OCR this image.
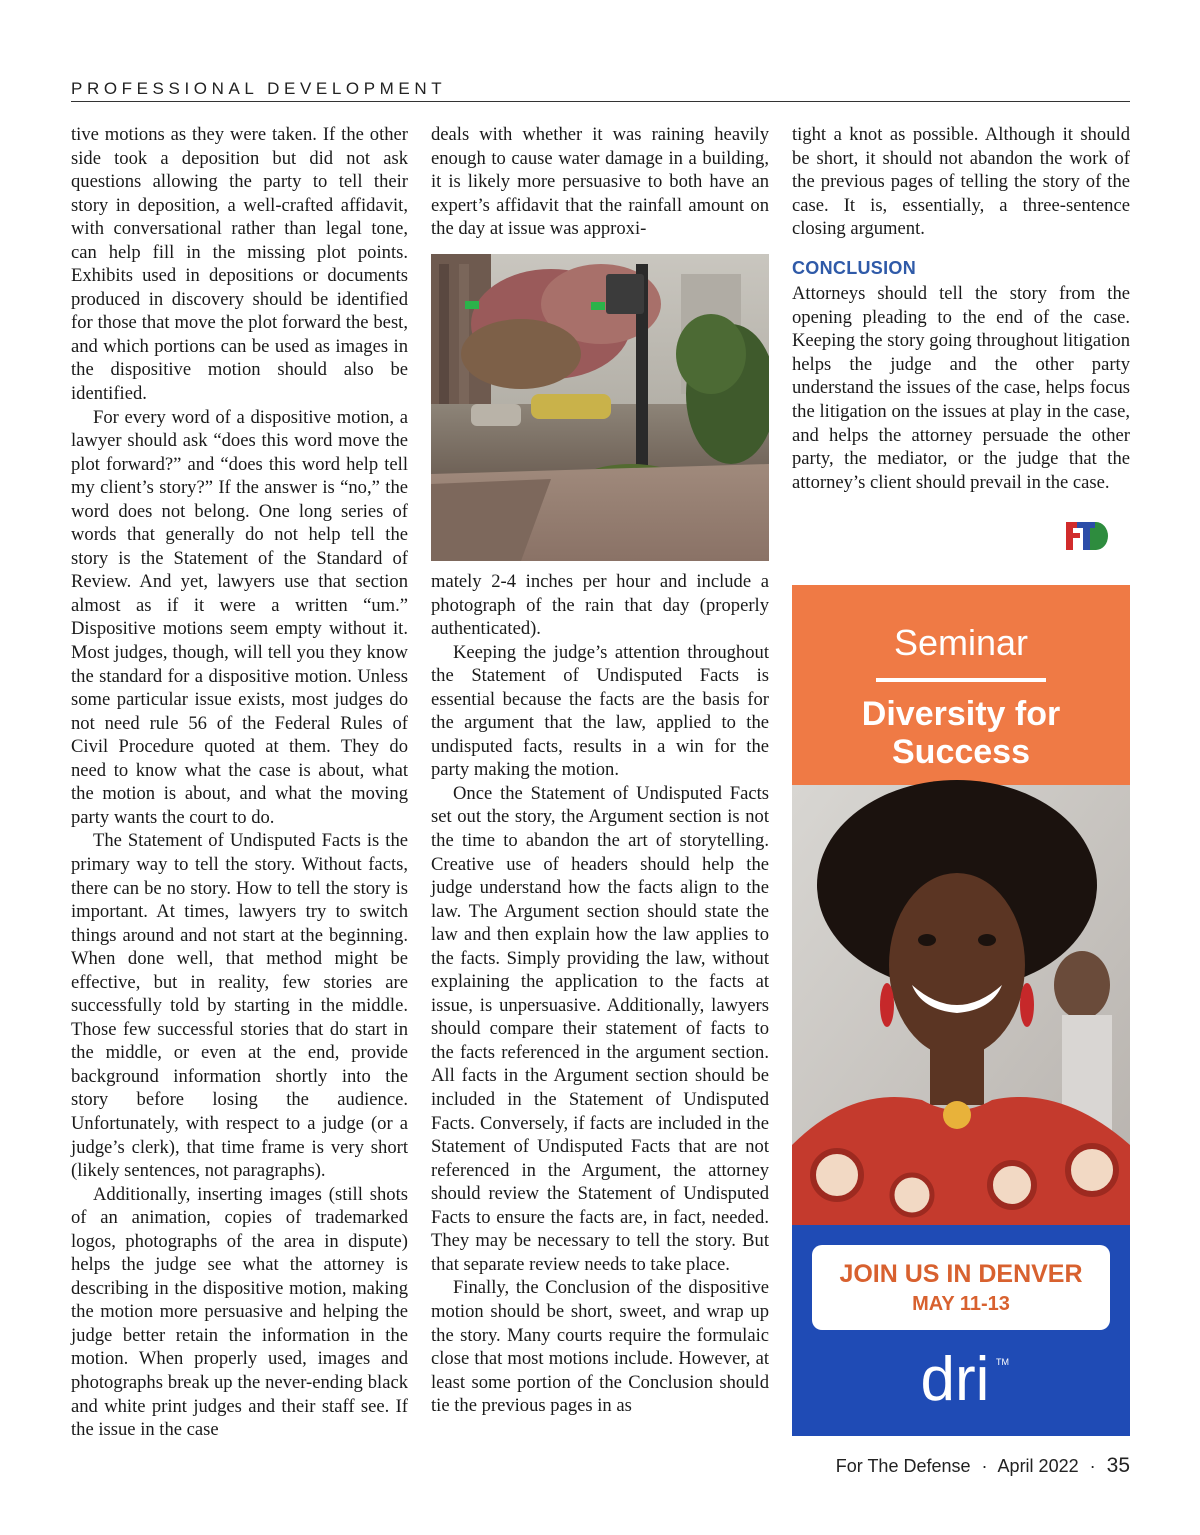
PROFESSIONAL DEVELOPMENT

tive motions as they were taken. If the other side took a deposition but did not ask questions allowing the party to tell their story in deposition, a well-crafted affidavit, with conversational rather than legal tone, can help fill in the missing plot points. Exhibits used in depositions or documents produced in discovery should be identified for those that move the plot forward the best, and which portions can be used as images in the dispositive motion should also be identified.

For every word of a dispositive motion, a lawyer should ask “does this word move the plot forward?” and “does this word help tell my client’s story?” If the answer is “no,” the word does not belong. One long series of words that generally do not help tell the story is the Statement of the Standard of Review. And yet, lawyers use that section almost as if it were a written “um.” Dispositive motions seem empty without it. Most judges, though, will tell you they know the standard for a dispositive motion. Unless some particular issue exists, most judges do not need rule 56 of the Federal Rules of Civil Procedure quoted at them. They do need to know what the case is about, what the motion is about, and what the moving party wants the court to do.

The Statement of Undisputed Facts is the primary way to tell the story. Without facts, there can be no story. How to tell the story is important. At times, lawyers try to switch things around and not start at the beginning. When done well, that method might be effective, but in reality, few stories are successfully told by starting in the middle. Those few successful stories that do start in the middle, or even at the end, provide background information shortly into the story before losing the audience. Unfortunately, with respect to a judge (or a judge’s clerk), that time frame is very short (likely sentences, not paragraphs).

Additionally, inserting images (still shots of an animation, copies of trademarked logos, photographs of the area in dispute) helps the judge see what the attorney is describing in the dispositive motion, making the motion more persuasive and helping the judge better retain the information in the motion. When properly used, images and photographs break up the never-ending black and white print judges and their staff see. If the issue in the case

deals with whether it was raining heavily enough to cause water damage in a building, it is likely more persuasive to both have an expert’s affidavit that the rainfall amount on the day at issue was approxi-

mately 2-4 inches per hour and include a photograph of the rain that day (properly authenticated).

Keeping the judge’s attention throughout the Statement of Undisputed Facts is essential because the facts are the basis for the argument that the law, applied to the undisputed facts, results in a win for the party making the motion.

Once the Statement of Undisputed Facts set out the story, the Argument section is not the time to abandon the art of storytelling. Creative use of headers should help the judge understand how the facts align to the law. The Argument section should state the law and then explain how the law applies to the facts. Simply providing the law, without explaining the application to the facts at issue, is unpersuasive. Additionally, lawyers should compare their statement of facts to the facts referenced in the argument section. All facts in the Argument section should be included in the Statement of Undisputed Facts. Conversely, if facts are included in the Statement of Undisputed Facts that are not referenced in the Argument, the attorney should review the Statement of Undisputed Facts to ensure the facts are, in fact, needed. They may be necessary to tell the story. But that separate review needs to take place.

Finally, the Conclusion of the dispositive motion should be short, sweet, and wrap up the story. Many courts require the formulaic close that most motions include. However, at least some portion of the Conclusion should tie the previous pages in as

tight a knot as possible. Although it should be short, it should not abandon the work of the previous pages of telling the story of the case. It is, essentially, a three-sentence closing argument.

CONCLUSION

Attorneys should tell the story from the opening pleading to the end of the case. Keeping the story going throughout litigation helps the judge and the other party understand the issues of the case, helps focus the litigation on the issues at play in the case, and helps the attorney persuade the other party, the mediator, or the judge that the attorney’s client should prevail in the case.

Seminar
Diversity for
Success
JOIN US IN DENVER
MAY 11-13
dri TM
For The Defense · April 2022 · 35
